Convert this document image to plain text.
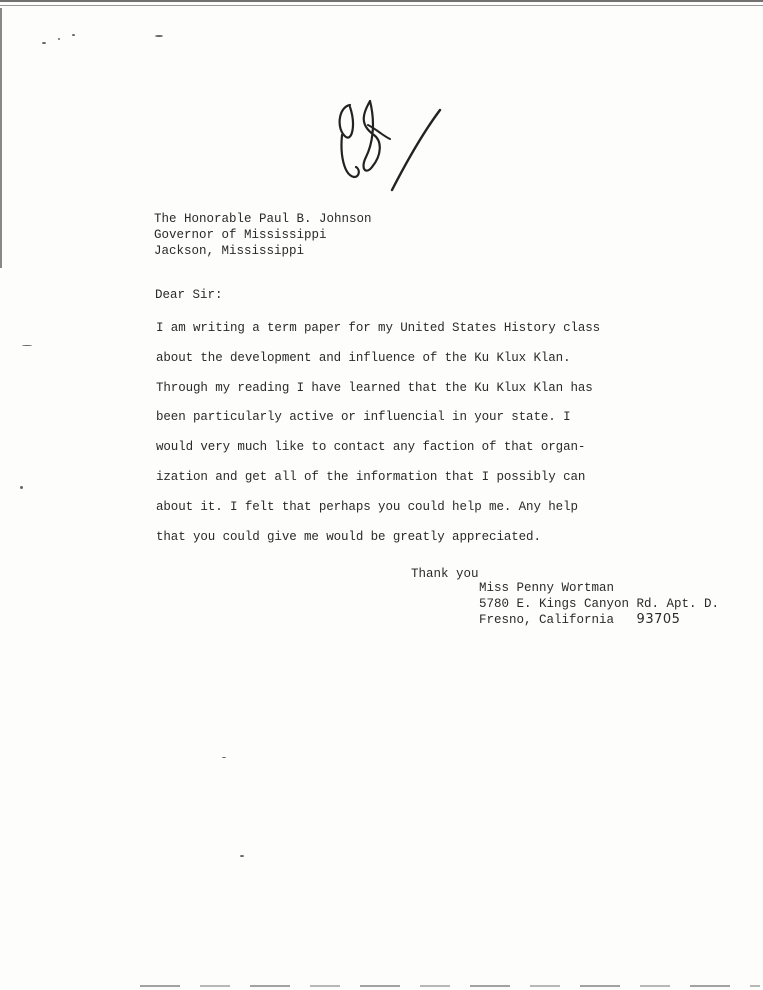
The Honorable Paul B. Johnson
Governor of Mississippi
Jackson, Mississippi
Dear Sir:
I am writing a term paper for my United States History class
about the development and influence of the Ku Klux Klan.
Through my reading I have learned that the Ku Klux Klan has
been particularly active or influencial in your state. I
would very much like to contact any faction of that organ-
ization and get all of the information that I possibly can
about it. I felt that perhaps you could help me. Any help
that you could give me would be greatly appreciated.
Thank you
Miss Penny Wortman
5780 E. Kings Canyon Rd. Apt. D.
Fresno, California 93705
